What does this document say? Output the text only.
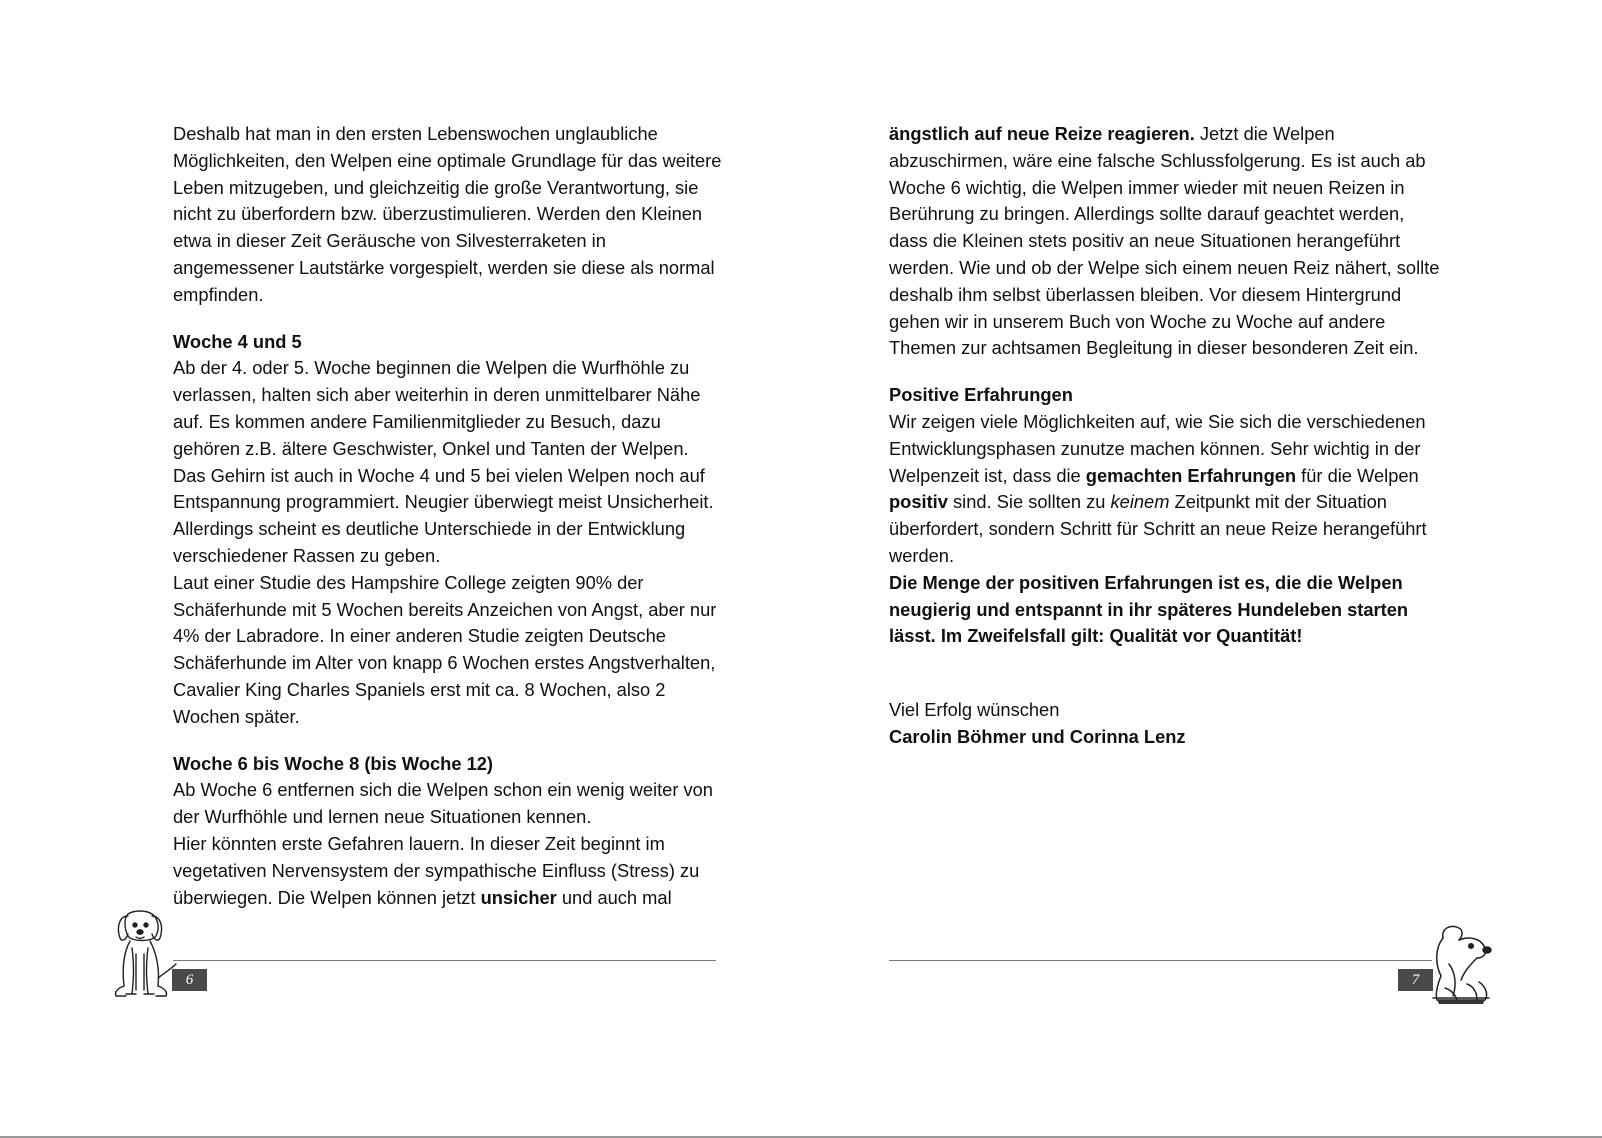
Deshalb hat man in den ersten Lebenswochen unglaubliche Möglichkeiten, den Welpen eine optimale Grundlage für das weitere Leben mitzugeben, und gleichzeitig die große Verantwortung, sie nicht zu überfordern bzw. überzustimulieren. Werden den Kleinen etwa in dieser Zeit Geräusche von Silvesterraketen in angemessener Lautstärke vorgespielt, werden sie diese als normal empfinden.

Woche 4 und 5

Ab der 4. oder 5. Woche beginnen die Welpen die Wurfhöhle zu verlassen, halten sich aber weiterhin in deren unmittelbarer Nähe auf. Es kommen andere Familienmitglieder zu Besuch, dazu gehören z.B. ältere Geschwister, Onkel und Tanten der Welpen. Das Gehirn ist auch in Woche 4 und 5 bei vielen Welpen noch auf Entspannung programmiert. Neugier überwiegt meist Unsicherheit. Allerdings scheint es deutliche Unterschiede in der Entwicklung verschiedener Rassen zu geben.

Laut einer Studie des Hampshire College zeigten 90% der Schäferhunde mit 5 Wochen bereits Anzeichen von Angst, aber nur 4% der Labradore. In einer anderen Studie zeigten Deutsche Schäferhunde im Alter von knapp 6 Wochen erstes Angstverhalten, Cavalier King Charles Spaniels erst mit ca. 8 Wochen, also 2 Wochen später.

Woche 6 bis Woche 8 (bis Woche 12)

Ab Woche 6 entfernen sich die Welpen schon ein wenig weiter von der Wurfhöhle und lernen neue Situationen kennen.

Hier könnten erste Gefahren lauern. In dieser Zeit beginnt im vegetativen Nervensystem der sympathische Einfluss (Stress) zu überwiegen. Die Welpen können jetzt unsicher und auch mal

ängstlich auf neue Reize reagieren. Jetzt die Welpen abzuschirmen, wäre eine falsche Schlussfolgerung. Es ist auch ab Woche 6 wichtig, die Welpen immer wieder mit neuen Reizen in Berührung zu bringen. Allerdings sollte darauf geachtet werden, dass die Kleinen stets positiv an neue Situationen herangeführt werden. Wie und ob der Welpe sich einem neuen Reiz nähert, sollte deshalb ihm selbst überlassen bleiben. Vor diesem Hintergrund gehen wir in unserem Buch von Woche zu Woche auf andere Themen zur achtsamen Begleitung in dieser besonderen Zeit ein.

Positive Erfahrungen

Wir zeigen viele Möglichkeiten auf, wie Sie sich die verschiedenen Entwicklungsphasen zunutze machen können. Sehr wichtig in der Welpenzeit ist, dass die gemachten Erfahrungen für die Welpen positiv sind. Sie sollten zu keinem Zeitpunkt mit der Situation überfordert, sondern Schritt für Schritt an neue Reize herangeführt werden.

Die Menge der positiven Erfahrungen ist es, die die Welpen neugierig und entspannt in ihr späteres Hundeleben starten lässt. Im Zweifelsfall gilt: Qualität vor Quantität!

Viel Erfolg wünschen

Carolin Böhmer und Corinna Lenz

6	7
